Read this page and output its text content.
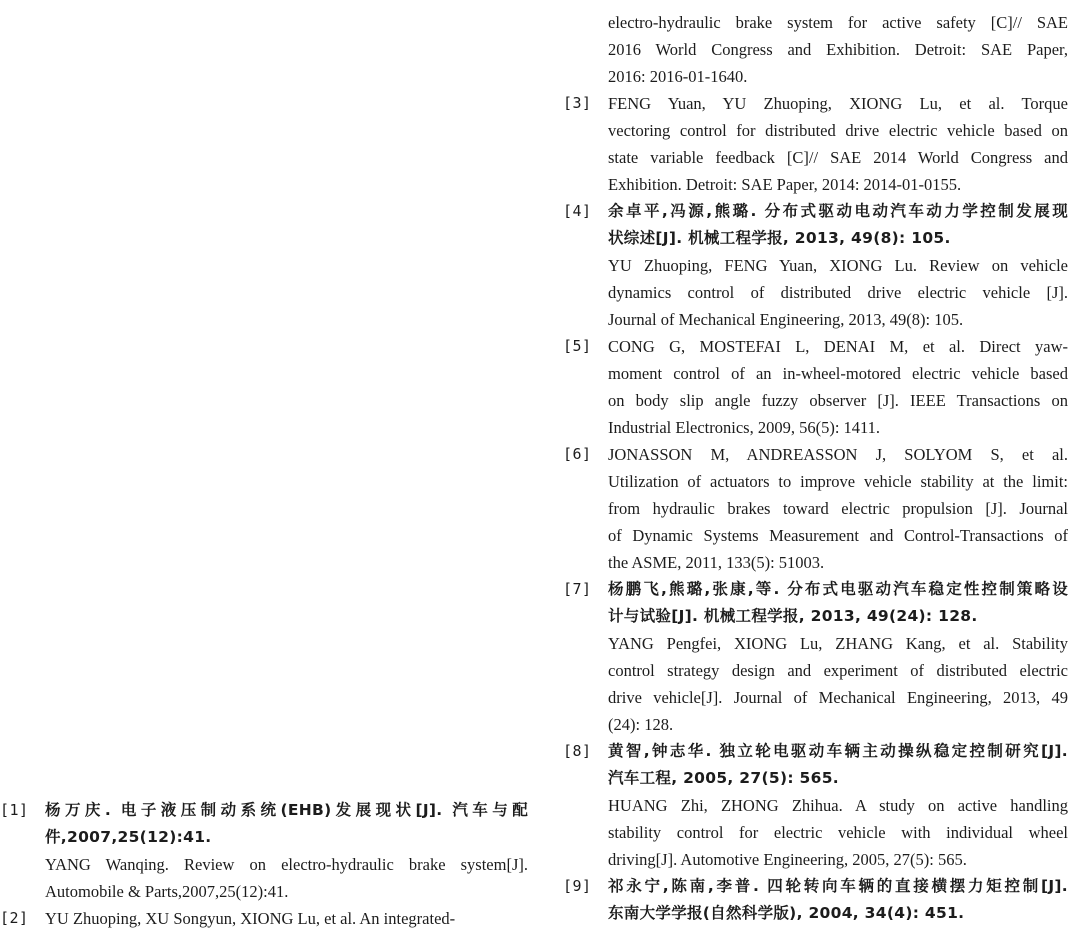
[1]	杨万庆. 电子液压制动系统(EHB)发展现状[J]. 汽车与配
件,2007,25(12):41.
YANG Wanqing. Review on electro-hydraulic brake system[J].
Automobile & Parts,2007,25(12):41.
[2] YU Zhuoping, XU Songyun, XIONG Lu, et al. An integrated-
electro-hydraulic brake system for active safety [C]// SAE
2016 World Congress and Exhibition. Detroit: SAE Paper,
2016: 2016-01-1640.
[3] FENG Yuan, YU Zhuoping, XIONG Lu, et al. Torque
vectoring control for distributed drive electric vehicle based on
state variable feedback [C]// SAE 2014 World Congress and
Exhibition. Detroit: SAE Paper, 2014: 2014-01-0155.
[4]	余卓平,冯源,熊璐. 分布式驱动电动汽车动力学控制发展现
状综述[J]. 机械工程学报, 2013, 49(8): 105.
YU Zhuoping, FENG Yuan, XIONG Lu. Review on vehicle
dynamics control of distributed drive electric vehicle [J].
Journal of Mechanical Engineering, 2013, 49(8): 105.
[5] CONG G, MOSTEFAI L, DENAI M, et al. Direct yaw-
moment control of an in-wheel-motored electric vehicle based
on body slip angle fuzzy observer [J]. IEEE Transactions on
Industrial Electronics, 2009, 56(5): 1411.
[6] JONASSON M, ANDREASSON J, SOLYOM S, et al.
Utilization of actuators to improve vehicle stability at the limit:
from hydraulic brakes toward electric propulsion [J]. Journal
of Dynamic Systems Measurement and Control-Transactions of
the ASME, 2011, 133(5): 51003.
[7]	杨鹏飞,熊璐,张康,等. 分布式电驱动汽车稳定性控制策略设
计与试验[J]. 机械工程学报, 2013, 49(24): 128.
YANG Pengfei, XIONG Lu, ZHANG Kang, et al. Stability
control strategy design and experiment of distributed electric
drive vehicle[J]. Journal of Mechanical Engineering, 2013, 49
(24): 128.
[8]	黄智,钟志华. 独立轮电驱动车辆主动操纵稳定控制研究[J].
汽车工程, 2005, 27(5): 565.
HUANG Zhi, ZHONG Zhihua. A study on active handling
stability control for electric vehicle with individual wheel
driving[J]. Automotive Engineering, 2005, 27(5): 565.
[9]	祁永宁,陈南,李普. 四轮转向车辆的直接横摆力矩控制[J].
东南大学学报(自然科学版), 2004, 34(4): 451.
